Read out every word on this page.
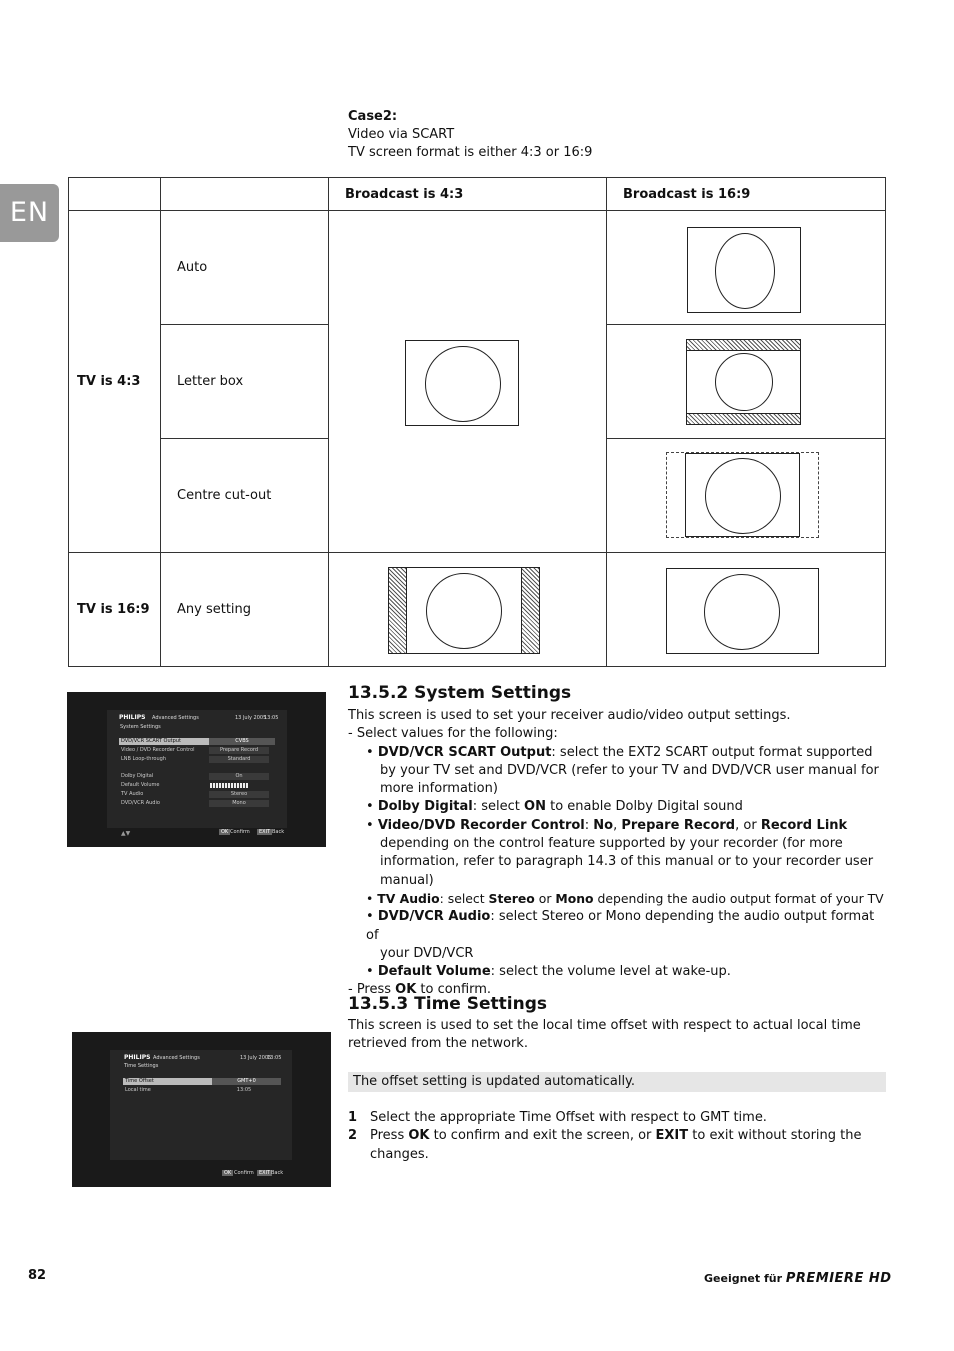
EN
Case2:
Video via SCART
TV screen format is either 4:3 or 16:9
		Broadcast is 4:3	Broadcast is 16:9
TV is 4:3	Auto	

	Letter box		

	Centre cut-out		

TV is 16:9	Any setting	

PHILIPS Advanced Settings	13 July 2005
13:05
System Settings
DVD/VCR SCART Output	CVBS
Video / DVD Recorder Control	Prepare Record
LNB Loop-through	Standard
Dolby Digital	On
Default Volume
TV Audio	Stereo
DVD/VCR Audio	Mono
▲▼	OK Confirm	EXIT Back
PHILIPS Advanced Settings	13 July 2005
13:05
Time Settings
Time Offset	GMT+0
Local time	13:05
OK Confirm	EXIT Back
13.5.2 System Settings
This screen is used to set your receiver audio/video output settings.
- Select values for the following:
• DVD/VCR SCART Output: select the EXT2 SCART output format supported
by your TV set and DVD/VCR (refer to your TV and DVD/VCR user manual for
more information)
• Dolby Digital: select ON to enable Dolby Digital sound
• Video/DVD Recorder Control: No, Prepare Record, or Record Link
depending on the control feature supported by your recorder (for more
information, refer to paragraph 14.3 of this manual or to your recorder user
manual)
• TV Audio: select Stereo or Mono depending the audio output format of your TV
• DVD/VCR Audio: select Stereo or Mono depending the audio output format of
your DVD/VCR
• Default Volume: select the volume level at wake-up.
- Press OK to confirm.
13.5.3 Time Settings
This screen is used to set the local time offset with respect to actual local time
retrieved from the network.
The offset setting is updated automatically.
1 Select the appropriate Time Offset with respect to GMT time.
2 Press OK to confirm and exit the screen, or EXIT to exit without storing the
changes.
82	Geeignet für PREMIERE HD
